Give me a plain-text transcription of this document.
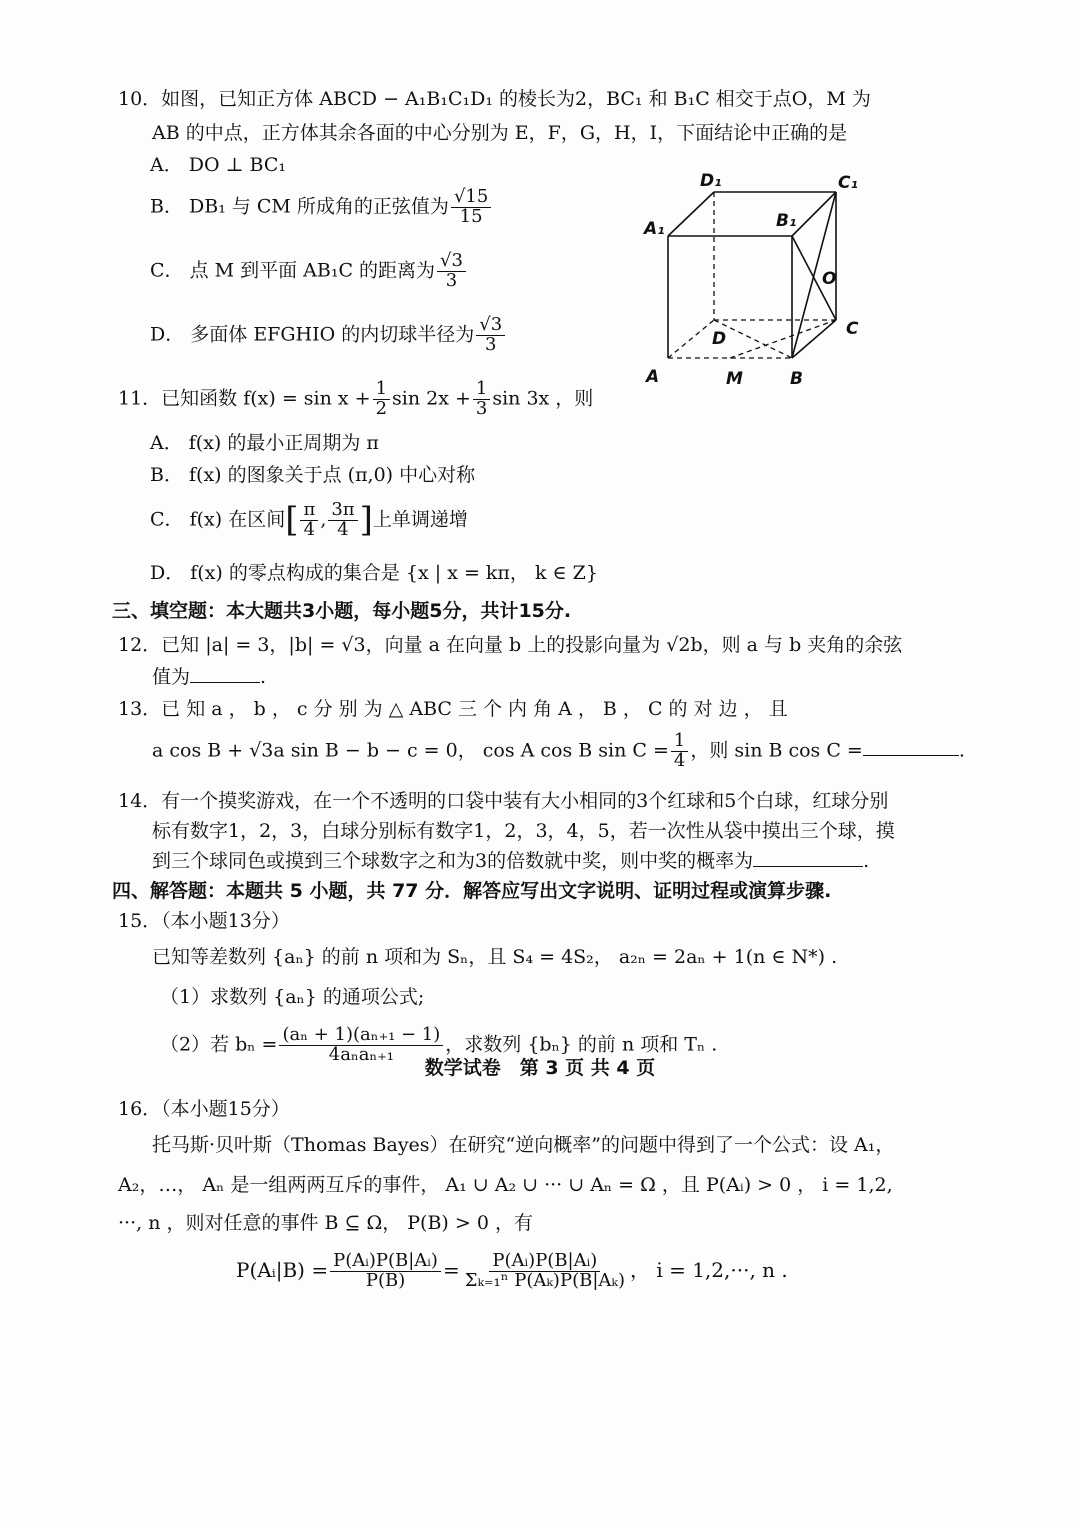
10．如图，已知正方体 ABCD − A₁B₁C₁D₁ 的棱长为2，BC₁ 和 B₁C 相交于点O，M 为
AB 的中点，正方体其余各面的中心分别为 E，F，G，H，I，下面结论中正确的是
A． DO ⊥ BC₁
B． DB₁ 与 CM 所成角的正弦值为 $\frac{√15}{15}$
C． 点 M 到平面 AB₁C 的距离为 $\frac{√3}{3}$
D． 多面体 EFGHIO 的内切球半径为 $\frac{√3}{3}$
D₁	C₁
A₁	B₁
O
D	C
A	M	B
11．已知函数 $f(x) = \sin x + \frac{1}{2}$ $\sin 2x + \frac{1}{3}$ sin 3x ，则
A． f(x) 的最小正周期为 π
B． f(x) 的图象关于点 (π,0) 中心对称
C． f(x) 在区间[ $\frac{\pi}{4}$ , $\frac{3\pi}{4}$ ]上单调递增
D． f(x) 的零点构成的集合是 {x | x = kπ， k ∈ Z}
三、填空题：本大题共3小题，每小题5分，共计15分.
12．已知 |a| = 3，|b| = √3，向量 a 在向量 b 上的投影向量为 √2b，则 a 与 b 夹角的余弦
值为	.
13．已 知 a ， b ， c 分 别 为 △ ABC 三 个 内 角 A ， B ， C 的 对 边 ， 且
a cos B + √3a sin B − b − c = 0， cos A cos B $\sin C = \frac{1}{4}$ ，则 sin B cos C =	.
14．有一个摸奖游戏，在一个不透明的口袋中装有大小相同的3个红球和5个白球，红球分别
标有数字1，2，3，白球分别标有数字1，2，3，4，5，若一次性从袋中摸出三个球，摸
到三个球同色或摸到三个球数字之和为3的倍数就中奖，则中奖的概率为	.
四、解答题：本题共 5 小题，共 77 分．解答应写出文字说明、证明过程或演算步骤.
15．（本小题13分）
已知等差数列 {aₙ} 的前 n 项和为 Sₙ，且 S₄ = 4S₂， a₂ₙ = 2aₙ + 1(n ∈ N*) .
（1）求数列 {aₙ} 的通项公式;
（2）若 $b_n = \frac{\text{(aₙ + 1)(aₙ₊₁ − 1)}}{\text{4aₙaₙ₊₁}}$ ，求数列 {bₙ} 的前 n 项和 Tₙ .
16．（本小题15分）
托马斯·贝叶斯（Thomas Bayes）在研究“逆向概率”的问题中得到了一个公式：设 A₁，
A₂，…， Aₙ 是一组两两互斥的事件， A₁ ∪ A₂ ∪ ··· ∪ Aₙ = Ω ，且 P(Aᵢ) > 0 ， i = 1,2,
···, n ，则对任意的事件 B ⊆ Ω， P(B) > 0 ，有
P(Aᵢ|B) = $\frac{\text{P(Aᵢ)P(B|Aᵢ)}}{P(B)} = \frac{\text{P(Aᵢ)P(B|Aᵢ)}}{\text{Σₖ₌₁ⁿ P(Aₖ)P(B|Aₖ)}}$ ， i = 1,2,···, n .
数学试卷　第 3 页 共 4 页
